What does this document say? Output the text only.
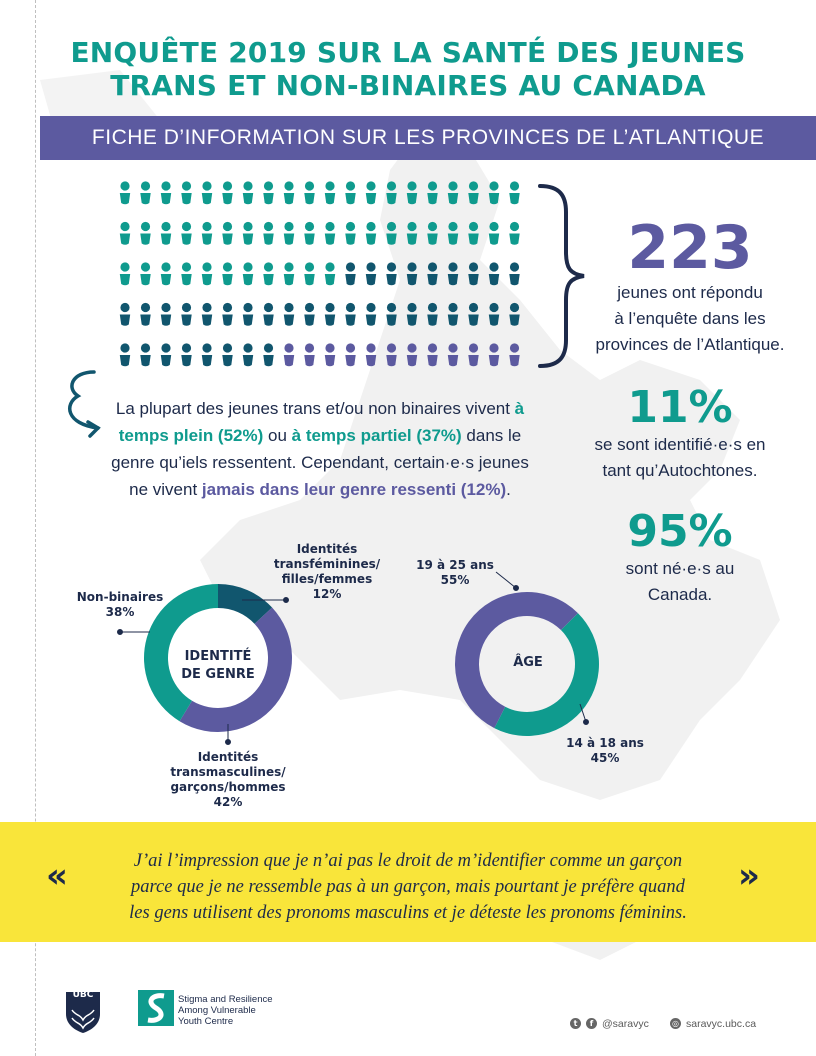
ENQUÊTE 2019 SUR LA SANTÉ DES JEUNES
TRANS ET NON-BINAIRES AU CANADA
FICHE D’INFORMATION SUR LES PROVINCES DE L’ATLANTIQUE
223
jeunes ont répondu
à l’enquête dans les
provinces de l’Atlantique.
11%
se sont identifié·e·s en
tant qu’Autochtones.
95%
sont né·e·s au
Canada.
La plupart des jeunes trans et/ou non binaires vivent à temps plein (52%) ou à temps partiel (37%) dans le genre qu’iels ressentent. Cependant, certain·e·s jeunes ne vivent jamais dans leur genre ressenti (12%).
IDENTITÉ
DE GENRE
ÂGE
Identités
transféminines/
filles/femmes
12%
Non-binaires
38%
Identités
transmasculines/
garçons/hommes
42%
19 à 25 ans
55%
14 à 18 ans
45%
«	»
J’ai l’impression que je n’ai pas le droit de m’identifier comme un garçon
parce que je ne ressemble pas à un garçon, mais pourtant je préfère quand
les gens utilisent des pronoms masculins et je déteste les pronoms féminins.
UBC	Stigma and Resilience
Among Vulnerable
Youth Centre	t	f @saravyc	◎ saravyc.ubc.ca
